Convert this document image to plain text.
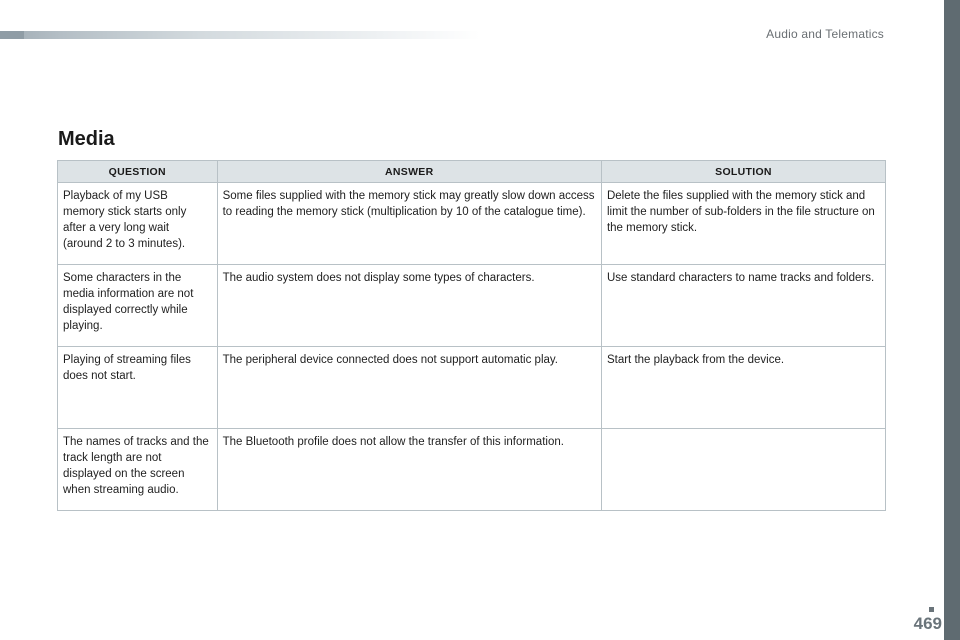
Audio and Telematics
Media
QUESTION	ANSWER	SOLUTION
Playback of my USB memory stick starts only after a very long wait (around 2 to 3 minutes).	Some files supplied with the memory stick may greatly slow down access to reading the memory stick (multiplication by 10 of the catalogue time).	Delete the files supplied with the memory stick and limit the number of sub-folders in the file structure on the memory stick.
Some characters in the media information are not displayed correctly while playing.	The audio system does not display some types of characters.	Use standard characters to name tracks and folders.
Playing of streaming files does not start.	The peripheral device connected does not support automatic play.	Start the playback from the device.
The names of tracks and the track length are not displayed on the screen when streaming audio.	The Bluetooth profile does not allow the transfer of this information.	
469
